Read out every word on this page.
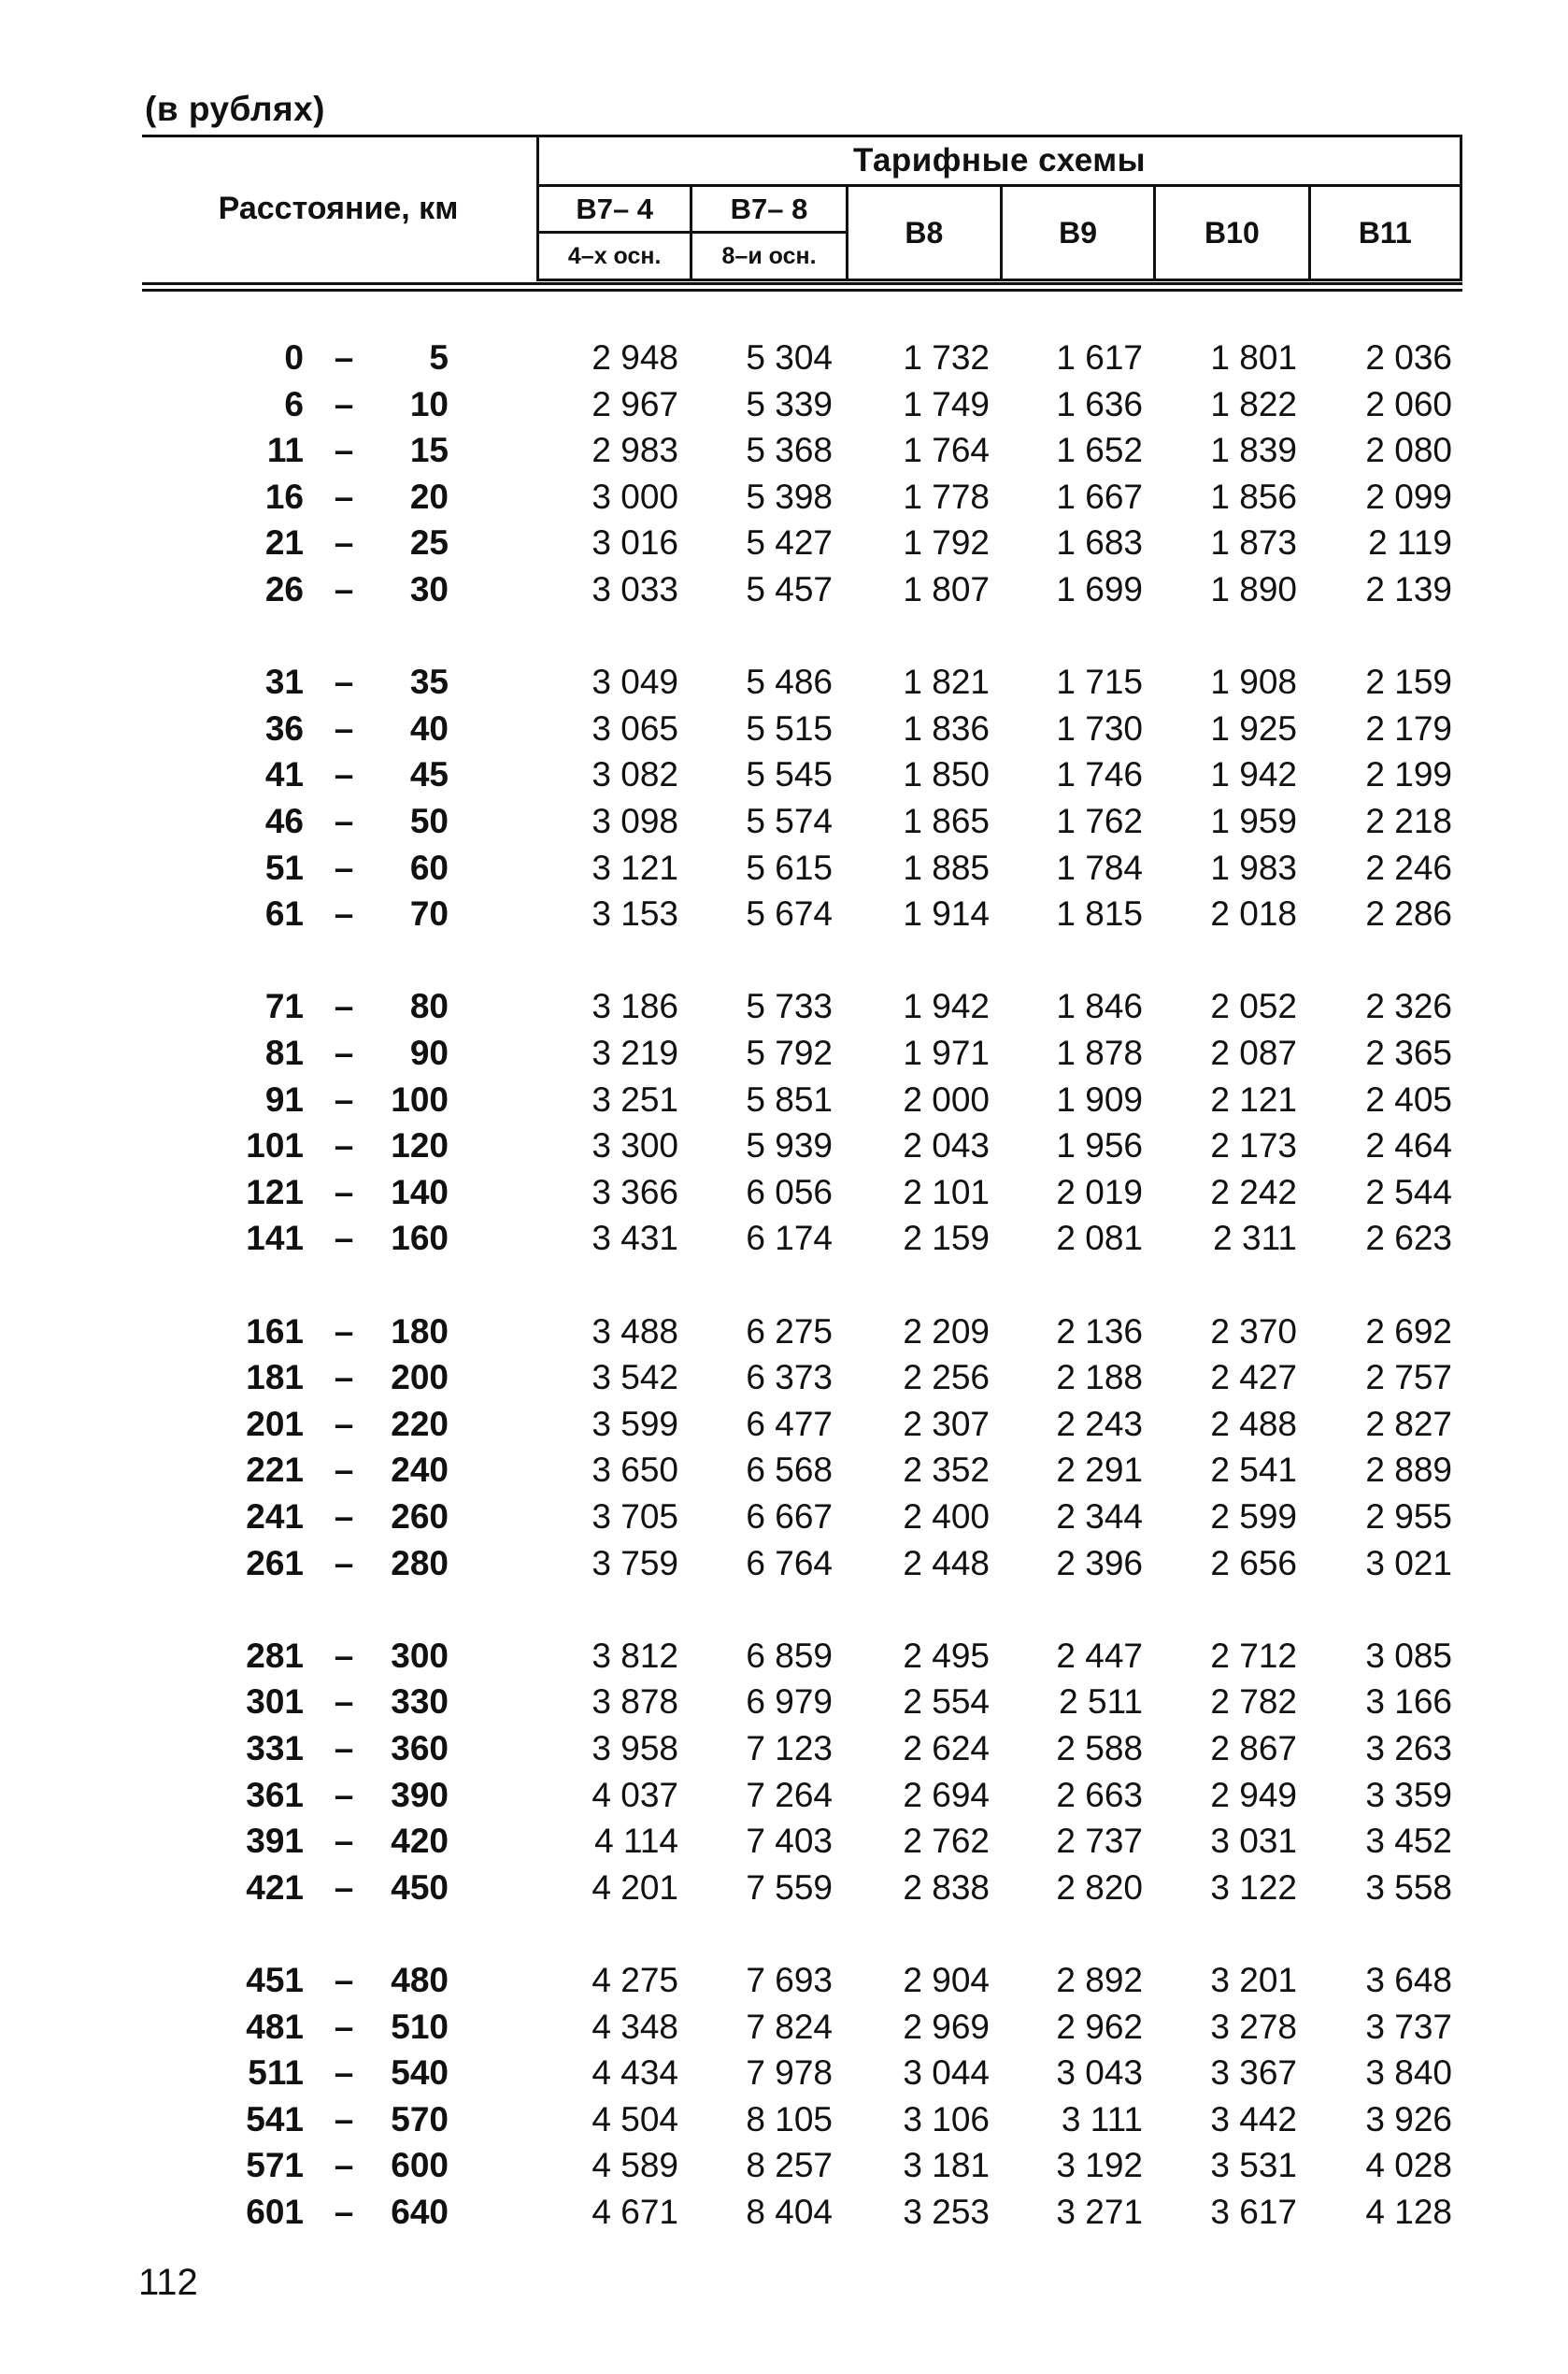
(в рублях)
Расстояние, км
Тарифные схемы					
В7– 4	В7– 8	В8	В9	В10	В11
4–х осн.	8–и осн.				
0 –	5	2 948	5 304	1 732	1 617	1 801	2 036
6 –	10	2 967	5 339	1 749	1 636	1 822	2 060
11 –	15	2 983	5 368	1 764	1 652	1 839	2 080
16 –	20	3 000	5 398	1 778	1 667	1 856	2 099
21 –	25	3 016	5 427	1 792	1 683	1 873	2 119
26 –	30	3 033	5 457	1 807	1 699	1 890	2 139
31 –	35	3 049	5 486	1 821	1 715	1 908	2 159
36 –	40	3 065	5 515	1 836	1 730	1 925	2 179
41 –	45	3 082	5 545	1 850	1 746	1 942	2 199
46 –	50	3 098	5 574	1 865	1 762	1 959	2 218
51 –	60	3 121	5 615	1 885	1 784	1 983	2 246
61 –	70	3 153	5 674	1 914	1 815	2 018	2 286
71 –	80	3 186	5 733	1 942	1 846	2 052	2 326
81 –	90	3 219	5 792	1 971	1 878	2 087	2 365
91 –	100	3 251	5 851	2 000	1 909	2 121	2 405
101 –	120	3 300	5 939	2 043	1 956	2 173	2 464
121 –	140	3 366	6 056	2 101	2 019	2 242	2 544
141 –	160	3 431	6 174	2 159	2 081	2 311	2 623
161 –	180	3 488	6 275	2 209	2 136	2 370	2 692
181 –	200	3 542	6 373	2 256	2 188	2 427	2 757
201 –	220	3 599	6 477	2 307	2 243	2 488	2 827
221 –	240	3 650	6 568	2 352	2 291	2 541	2 889
241 –	260	3 705	6 667	2 400	2 344	2 599	2 955
261 –	280	3 759	6 764	2 448	2 396	2 656	3 021
281 –	300	3 812	6 859	2 495	2 447	2 712	3 085
301 –	330	3 878	6 979	2 554	2 511	2 782	3 166
331 –	360	3 958	7 123	2 624	2 588	2 867	3 263
361 –	390	4 037	7 264	2 694	2 663	2 949	3 359
391 –	420	4 114	7 403	2 762	2 737	3 031	3 452
421 –	450	4 201	7 559	2 838	2 820	3 122	3 558
451 –	480	4 275	7 693	2 904	2 892	3 201	3 648
481 –	510	4 348	7 824	2 969	2 962	3 278	3 737
511 –	540	4 434	7 978	3 044	3 043	3 367	3 840
541 –	570	4 504	8 105	3 106	3 111	3 442	3 926
571 –	600	4 589	8 257	3 181	3 192	3 531	4 028
601 –	640	4 671	8 404	3 253	3 271	3 617	4 128
112
